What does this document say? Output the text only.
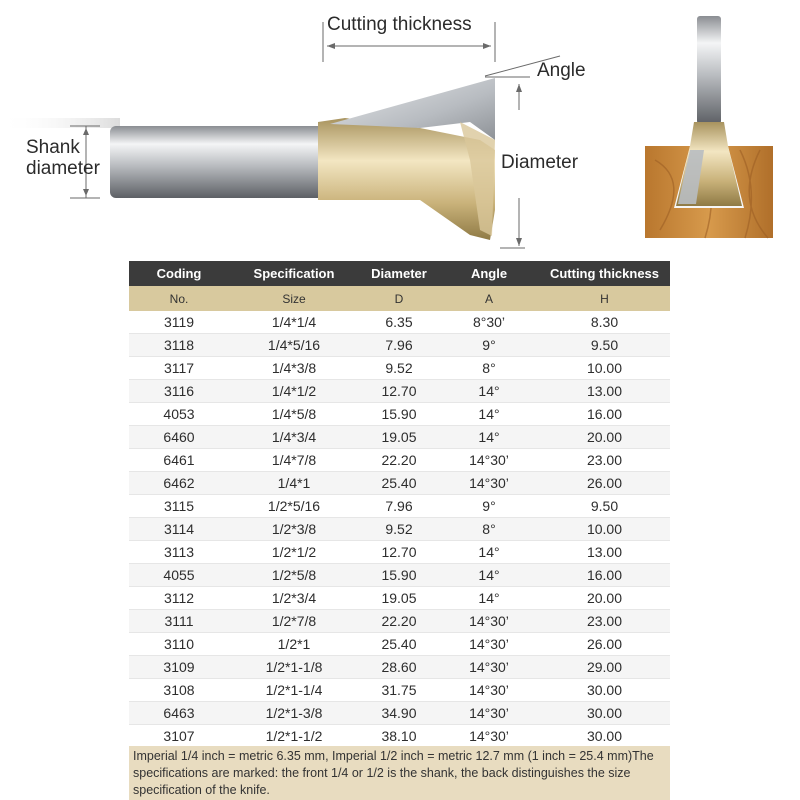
Cutting thickness
Angle
Diameter
Shank
diameter
Coding	Specification	Diameter	Angle	Cutting thickness
No.	Size	D	A	H
3119	1/4*1/4	6.35	8°30’	8.30
3118	1/4*5/16	7.96	9°	9.50
3117	1/4*3/8	9.52	8°	10.00
3116	1/4*1/2	12.70	14°	13.00
4053	1/4*5/8	15.90	14°	16.00
6460	1/4*3/4	19.05	14°	20.00
6461	1/4*7/8	22.20	14°30’	23.00
6462	1/4*1	25.40	14°30’	26.00
3115	1/2*5/16	7.96	9°	9.50
3114	1/2*3/8	9.52	8°	10.00
3113	1/2*1/2	12.70	14°	13.00
4055	1/2*5/8	15.90	14°	16.00
3112	1/2*3/4	19.05	14°	20.00
3111	1/2*7/8	22.20	14°30’	23.00
3110	1/2*1	25.40	14°30’	26.00
3109	1/2*1-1/8	28.60	14°30’	29.00
3108	1/2*1-1/4	31.75	14°30’	30.00
6463	1/2*1-3/8	34.90	14°30’	30.00
3107	1/2*1-1/2	38.10	14°30’	30.00
Imperial 1/4 inch = metric 6.35 mm, Imperial 1/2 inch = metric 12.7 mm (1 inch = 25.4 mm)The specifications are marked: the front 1/4 or 1/2 is the shank, the back distinguishes the size specification of the knife.
